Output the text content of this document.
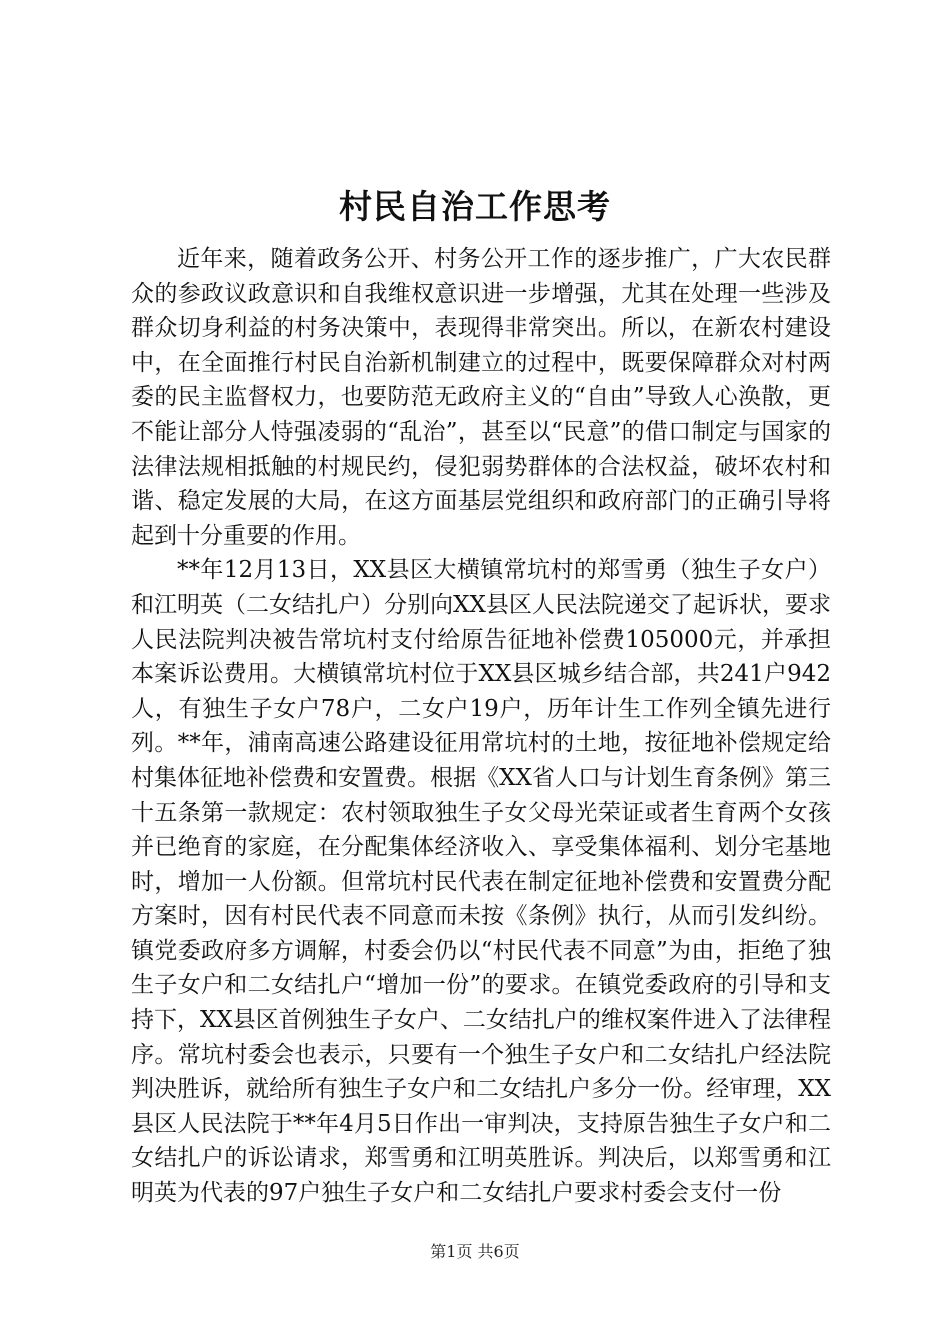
村民自治工作思考

近年来，随着政务公开、村务公开工作的逐步推广，广大农民群众的参政议政意识和自我维权意识进一步增强，尤其在处理一些涉及群众切身利益的村务决策中，表现得非常突出。所以，在新农村建设中，在全面推行村民自治新机制建立的过程中，既要保障群众对村两委的民主监督权力，也要防范无政府主义的“自由”导致人心涣散，更不能让部分人恃强凌弱的“乱治”，甚至以“民意”的借口制定与国家的法律法规相抵触的村规民约，侵犯弱势群体的合法权益，破坏农村和谐、稳定发展的大局，在这方面基层党组织和政府部门的正确引导将起到十分重要的作用。

**年12月13日，XX县区大横镇常坑村的郑雪勇（独生子女户）和江明英（二女结扎户）分别向XX县区人民法院递交了起诉状，要求人民法院判决被告常坑村支付给原告征地补偿费105000元，并承担本案诉讼费用。大横镇常坑村位于XX县区城乡结合部，共241户942人，有独生子女户78户，二女户19户，历年计生工作列全镇先进行列。**年，浦南高速公路建设征用常坑村的土地，按征地补偿规定给村集体征地补偿费和安置费。根据《XX省人口与计划生育条例》第三十五条第一款规定：农村领取独生子女父母光荣证或者生育两个女孩并已绝育的家庭，在分配集体经济收入、享受集体福利、划分宅基地时，增加一人份额。但常坑村民代表在制定征地补偿费和安置费分配方案时，因有村民代表不同意而未按《条例》执行，从而引发纠纷。镇党委政府多方调解，村委会仍以“村民代表不同意”为由，拒绝了独生子女户和二女结扎户“增加一份”的要求。在镇党委政府的引导和支持下，XX县区首例独生子女户、二女结扎户的维权案件进入了法律程序。常坑村委会也表示，只要有一个独生子女户和二女结扎户经法院判决胜诉，就给所有独生子女户和二女结扎户多分一份。经审理，XX县区人民法院于**年4月5日作出一审判决，支持原告独生子女户和二女结扎户的诉讼请求，郑雪勇和江明英胜诉。判决后，以郑雪勇和江明英为代表的97户独生子女户和二女结扎户要求村委会支付一份

第1页 共6页
